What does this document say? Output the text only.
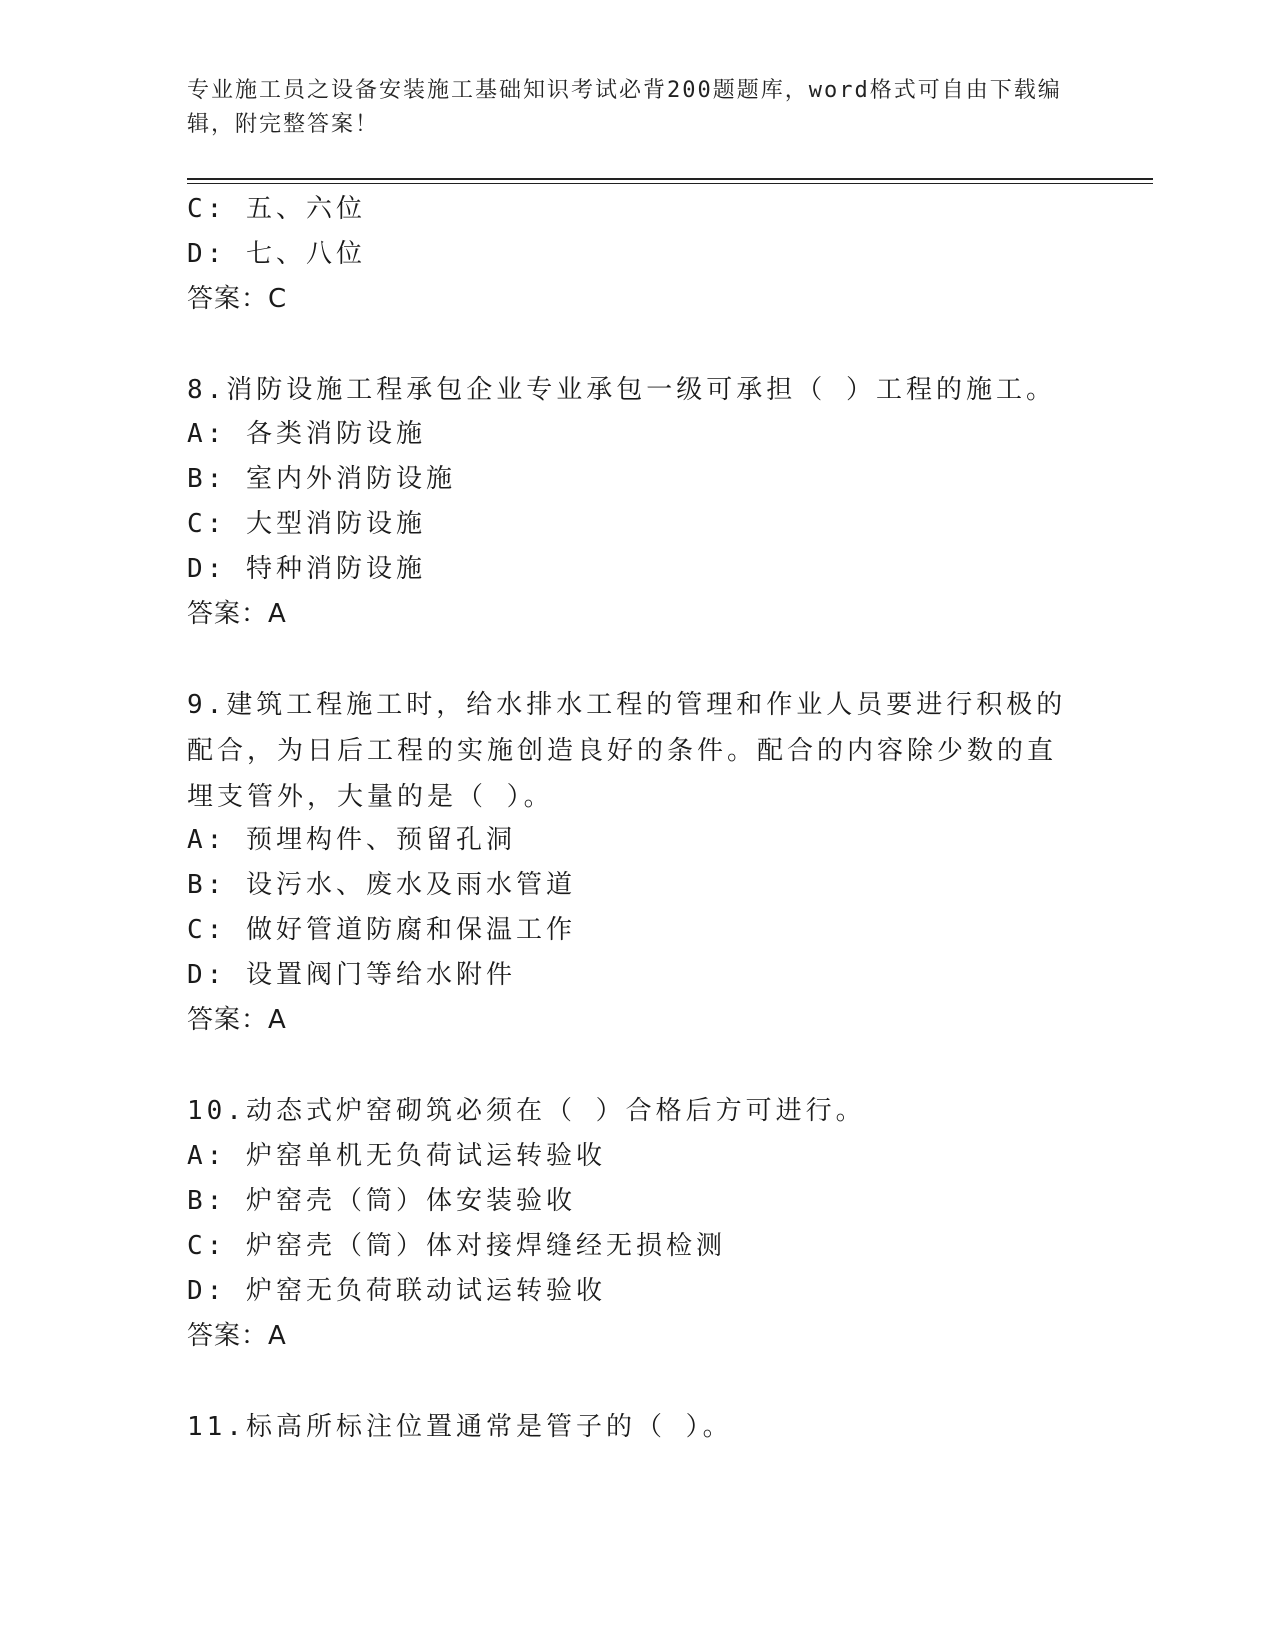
专业施工员之设备安装施工基础知识考试必背200题题库，word格式可自由下载编辑，附完整答案！
C: 五、六位
D: 七、八位
答案：C
8.消防设施工程承包企业专业承包一级可承担（ ）工程的施工。
A: 各类消防设施
B: 室内外消防设施
C: 大型消防设施
D: 特种消防设施
答案：A
9.建筑工程施工时，给水排水工程的管理和作业人员要进行积极的配合，为日后工程的实施创造良好的条件。配合的内容除少数的直埋支管外，大量的是（ ）。
A: 预埋构件、预留孔洞
B: 设污水、废水及雨水管道
C: 做好管道防腐和保温工作
D: 设置阀门等给水附件
答案：A
10.动态式炉窑砌筑必须在（ ）合格后方可进行。
A: 炉窑单机无负荷试运转验收
B: 炉窑壳（筒）体安装验收
C: 炉窑壳（筒）体对接焊缝经无损检测
D: 炉窑无负荷联动试运转验收
答案：A
11.标高所标注位置通常是管子的（ ）。
